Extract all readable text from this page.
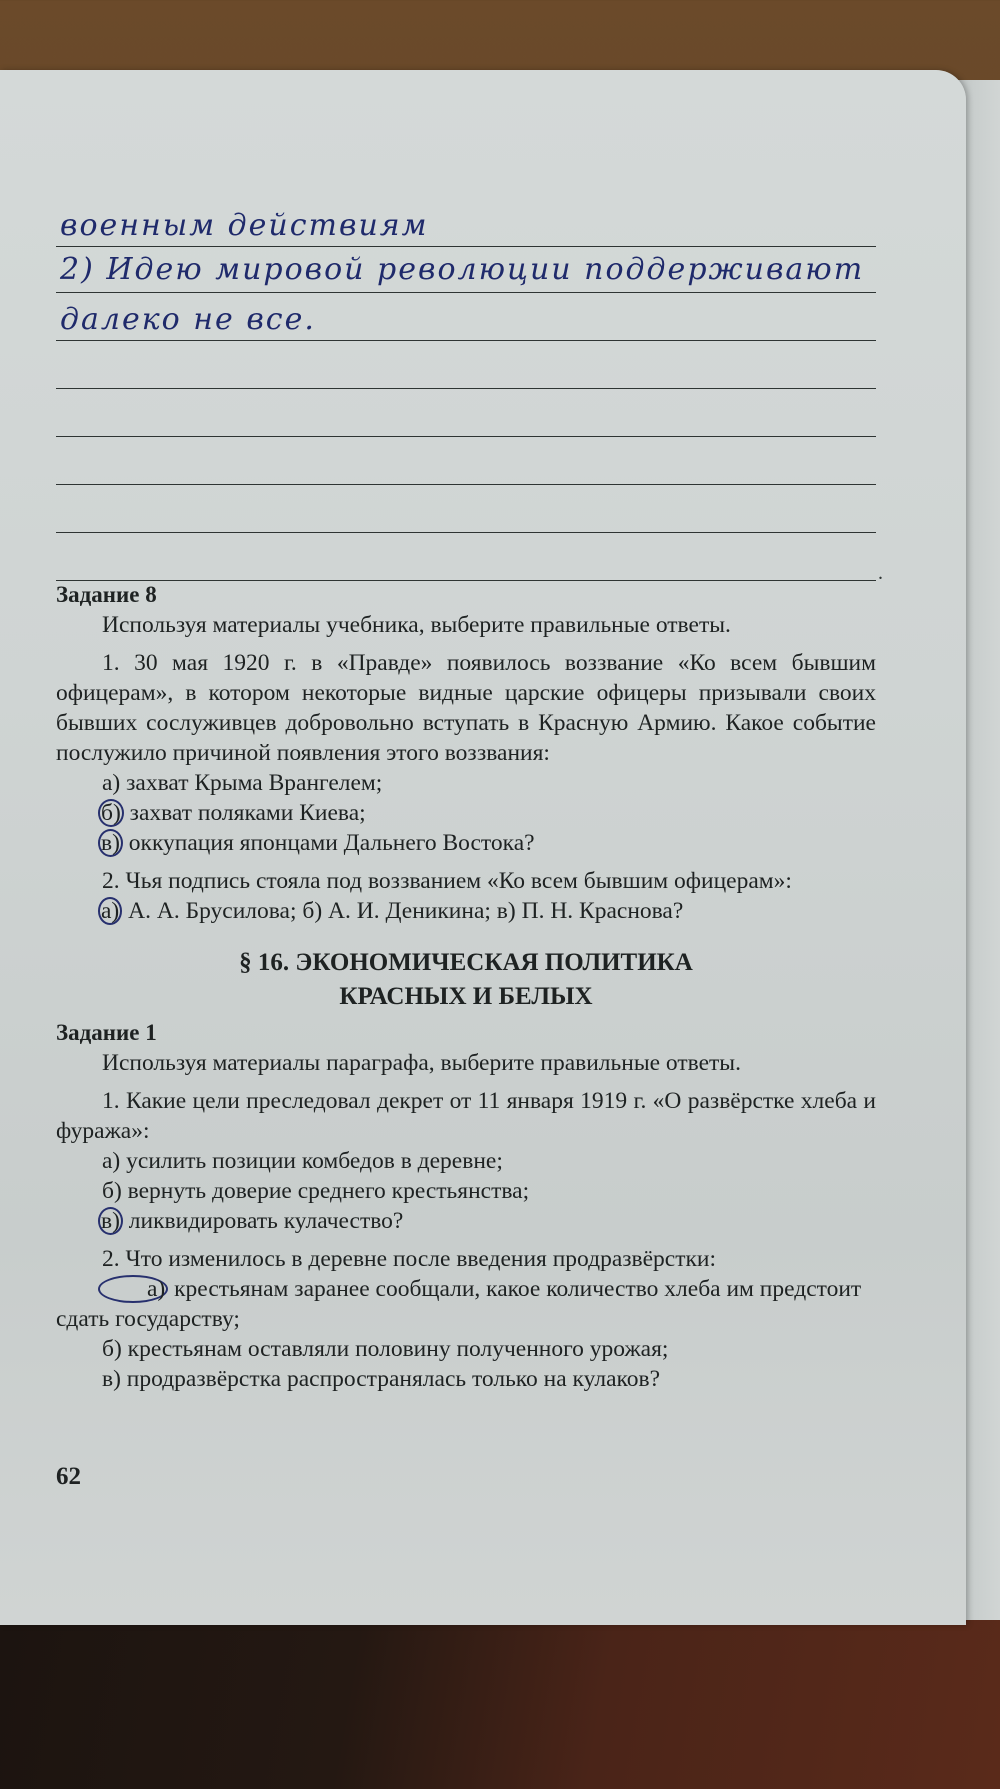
военным действиям
2) Идею мировой революции поддерживают
далеко не все.
.
Задание 8

Используя материалы учебника, выберите правильные ответы.

1. 30 мая 1920 г. в «Правде» появилось воззвание «Ко всем бывшим офицерам», в котором некоторые видные царские офицеры призывали своих бывших сослуживцев добровольно вступать в Красную Армию. Какое событие послужило причиной появления этого воззвания:

а) захват Крыма Врангелем;

б) захват поляками Киева;

в) оккупация японцами Дальнего Востока?

2. Чья подпись стояла под воззванием «Ко всем бывшим офицерам»:

а) А. А. Брусилова; б) А. И. Деникина; в) П. Н. Краснова?

§ 16. ЭКОНОМИЧЕСКАЯ ПОЛИТИКА
КРАСНЫХ И БЕЛЫХ
Задание 1

Используя материалы параграфа, выберите правильные ответы.

1. Какие цели преследовал декрет от 11 января 1919 г. «О развёрстке хлеба и фуража»:

а) усилить позиции комбедов в деревне;

б) вернуть доверие среднего крестьянства;

в) ликвидировать кулачество?

2. Что изменилось в деревне после введения продразвёрстки:

а) крестьянам заранее сообщали, какое количество хлеба им предстоит сдать государству;

б) крестьянам оставляли половину полученного урожая;

в) продразвёрстка распространялась только на кулаков?

62
